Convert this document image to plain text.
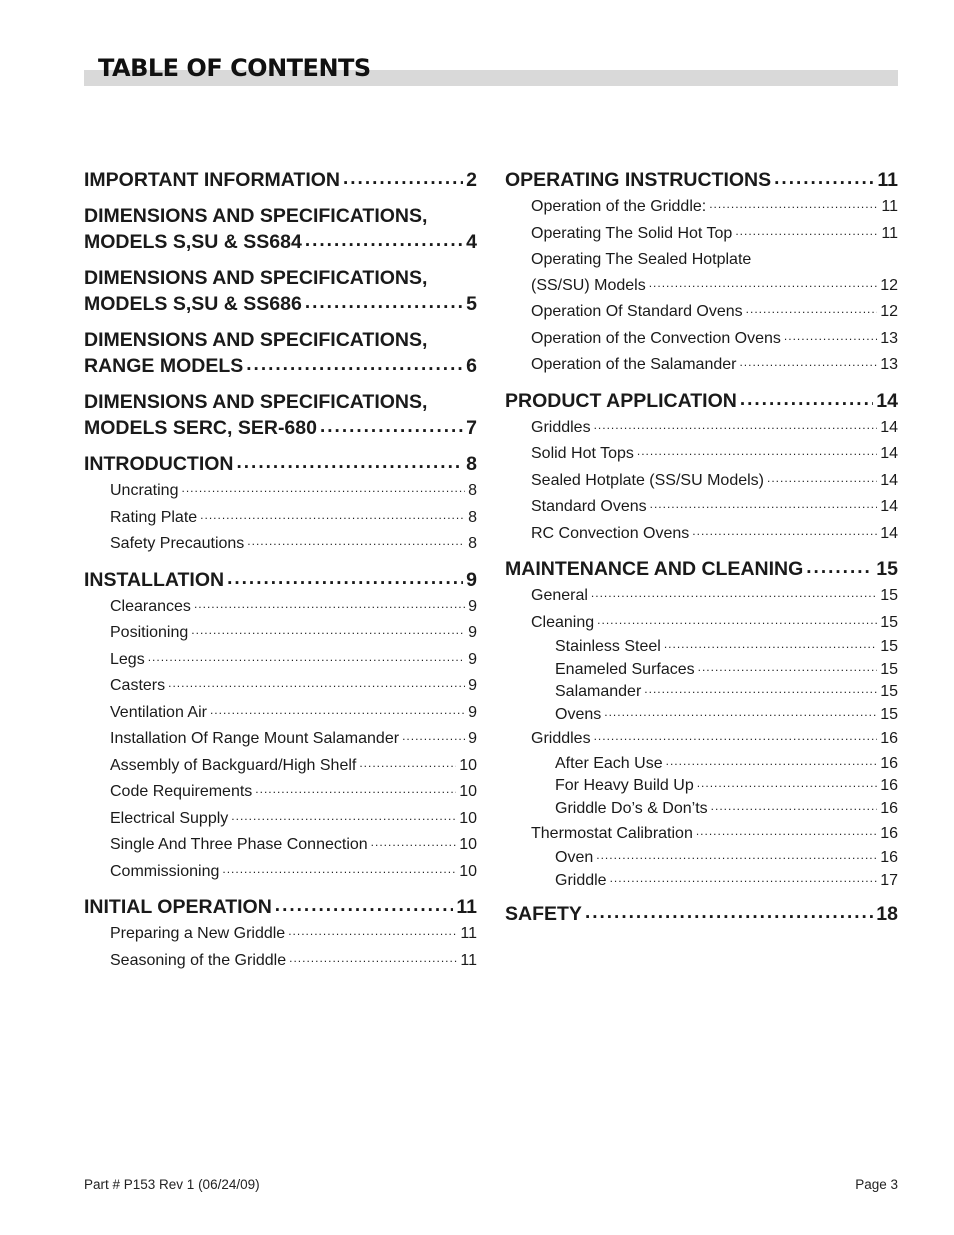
TABLE OF CONTENTS
IMPORTANT INFORMATION .....	2
DIMENSIONS AND SPECIFICATIONS,
MODELS S,SU & SS684 .....	4
DIMENSIONS AND SPECIFICATIONS,
MODELS S,SU & SS686 .....	5
DIMENSIONS AND SPECIFICATIONS,
RANGE MODELS .....	6
DIMENSIONS AND SPECIFICATIONS,
MODELS SERC, SER-680 .....	7
INTRODUCTION .....	8
Uncrating .....	8
Rating Plate .....	8
Safety Precautions .....	8
INSTALLATION .....	9
Clearances .....	9
Positioning .....	9
Legs .....	9
Casters .....	9
Ventilation Air .....	9
Installation Of Range Mount Salamander .....	9
Assembly of Backguard/High Shelf .....	10
Code Requirements .....	10
Electrical Supply .....	10
Single And Three Phase Connection .....	10
Commissioning .....	10
INITIAL OPERATION .....	11
Preparing a New Griddle .....	11
Seasoning of the Griddle .....	11
OPERATING INSTRUCTIONS .....	11
Operation of the Griddle: .....	11
Operating The Solid Hot Top .....	11
Operating The Sealed Hotplate
(SS/SU) Models .....	12
Operation Of Standard Ovens .....	12
Operation of the Convection Ovens .....	13
Operation of the Salamander .....	13
PRODUCT APPLICATION .....	14
Griddles .....	14
Solid Hot Tops .....	14
Sealed Hotplate (SS/SU Models) .....	14
Standard Ovens .....	14
RC Convection Ovens .....	14
MAINTENANCE AND CLEANING .....	15
General .....	15
Cleaning .....	15
Stainless Steel .....	15
Enameled Surfaces .....	15
Salamander .....	15
Ovens .....	15
Griddles .....	16
After Each Use .....	16
For Heavy Build Up .....	16
Griddle Do’s & Don’ts .....	16
Thermostat Calibration .....	16
Oven .....	16
Griddle .....	17
SAFETY .....	18
Part # P153 Rev 1 (06/24/09)	Page 3
